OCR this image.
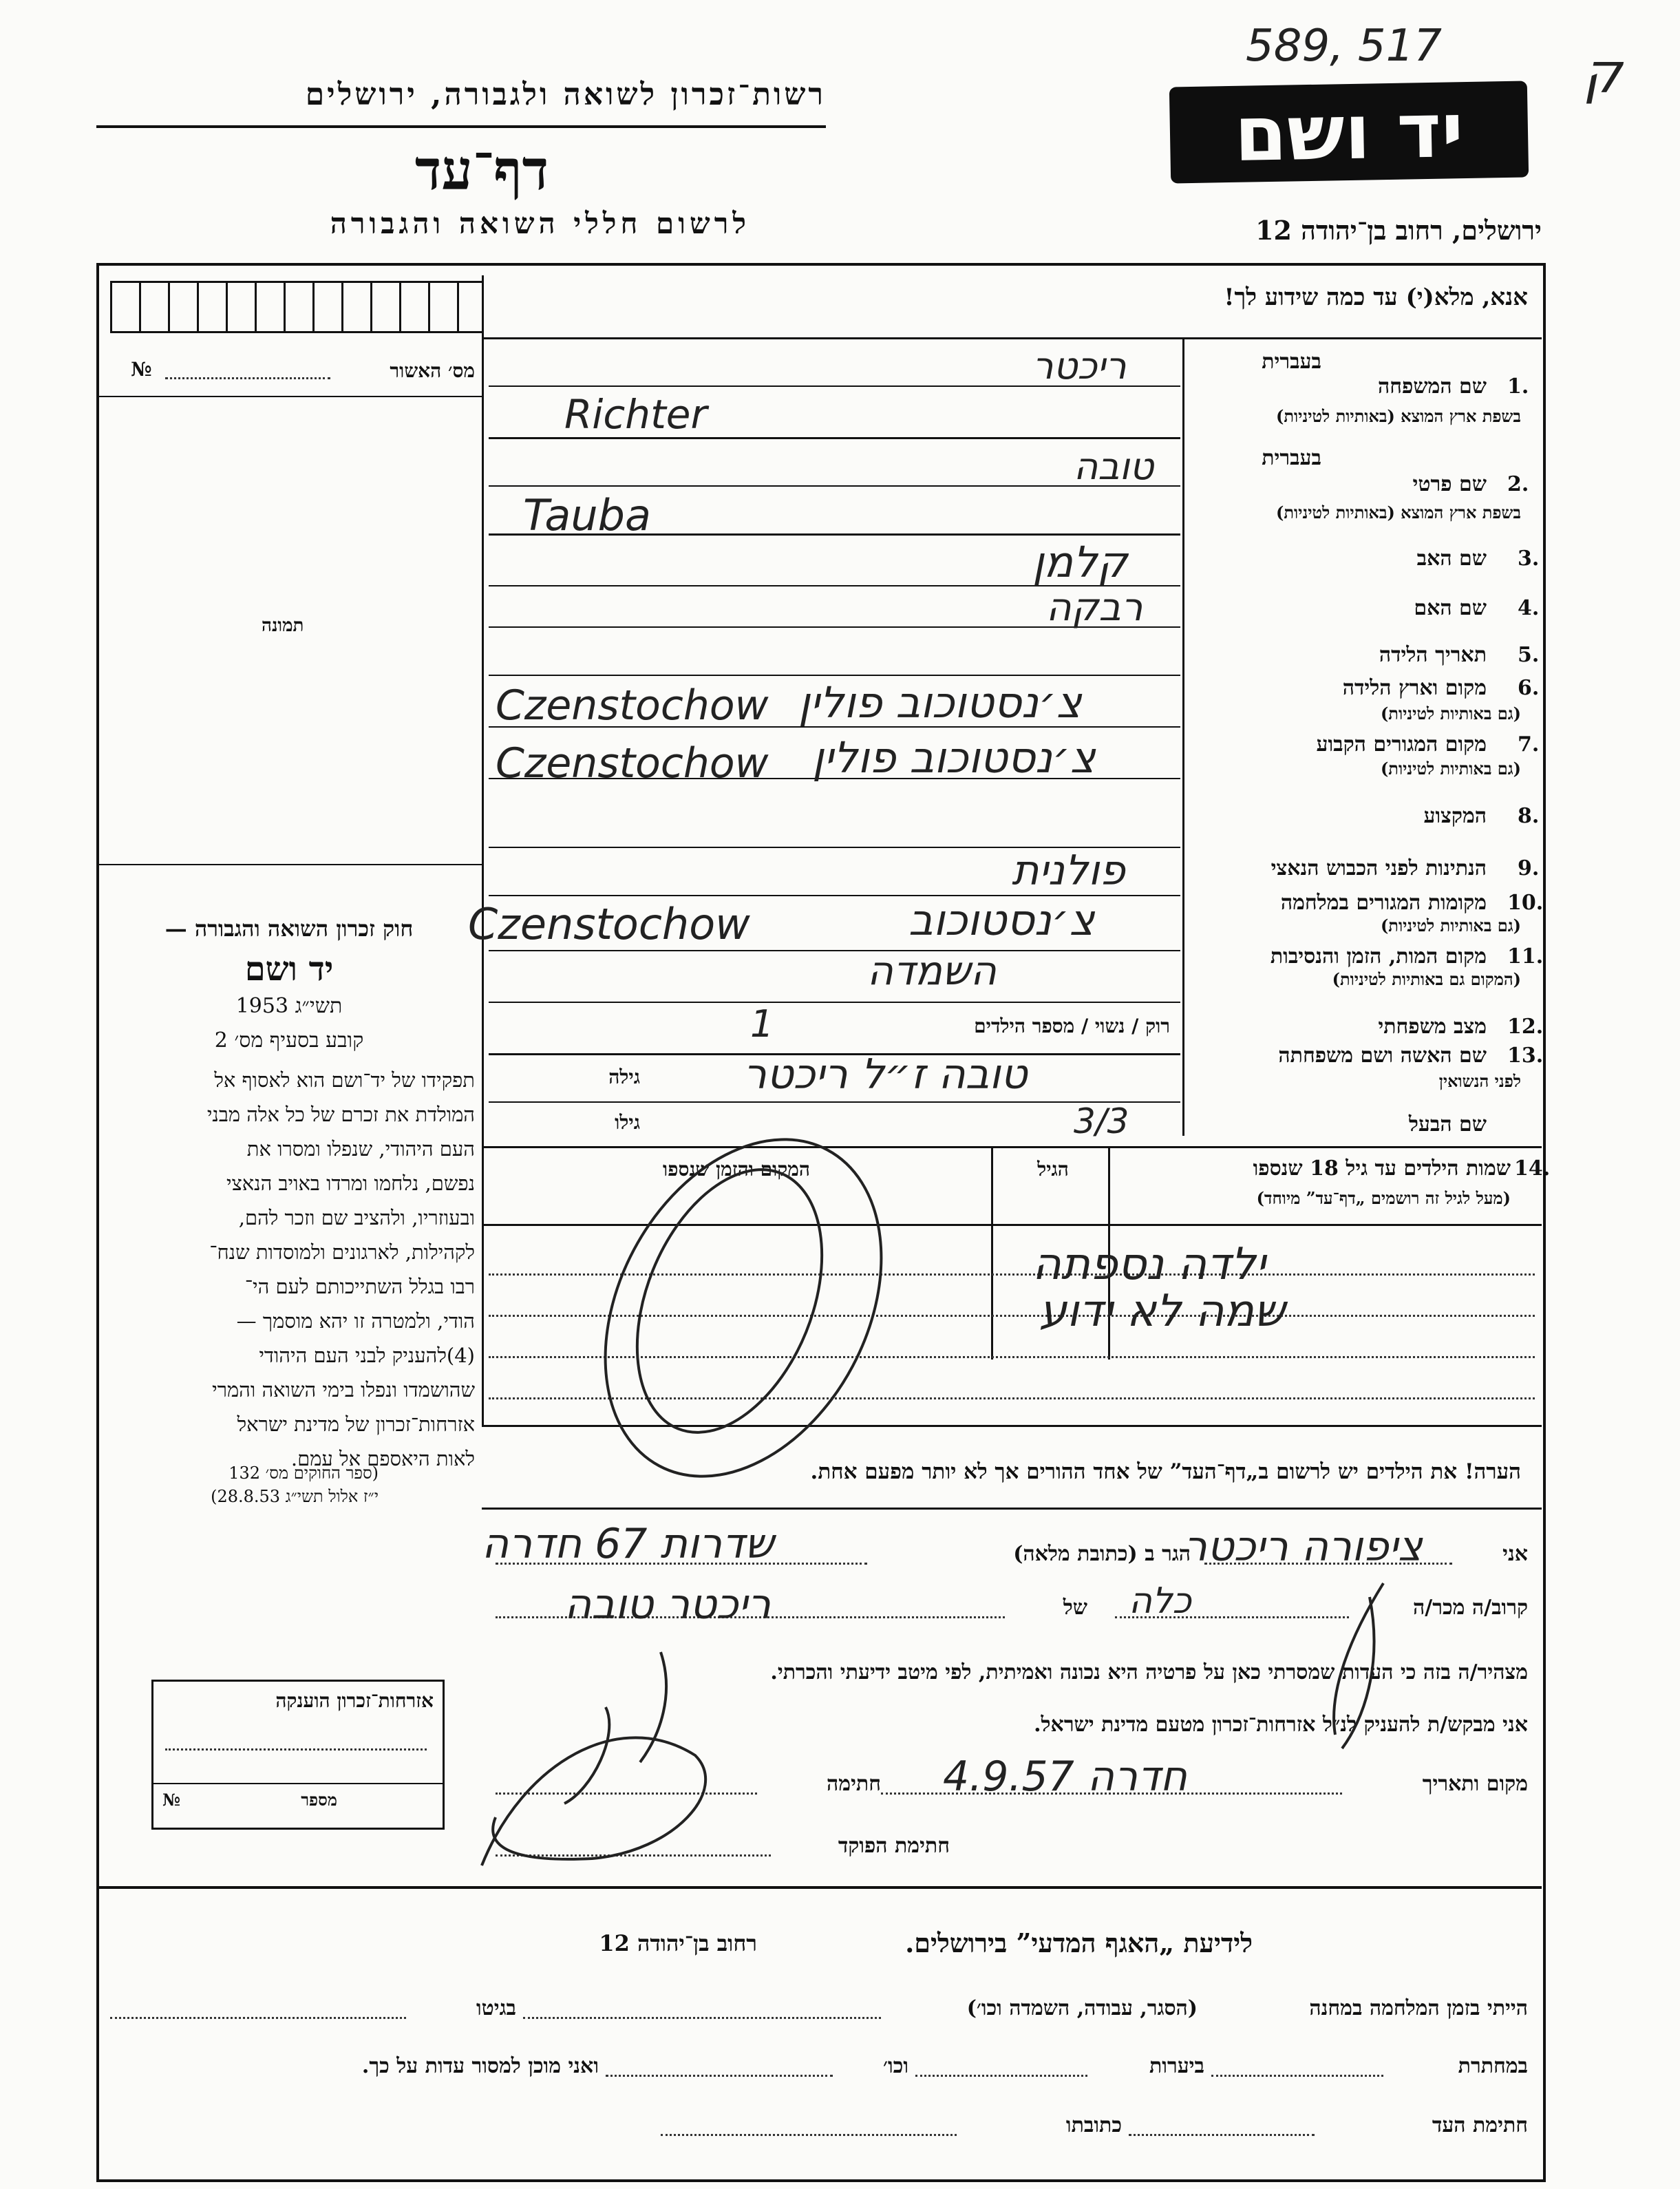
589, 517	ק
רשות־זכרון לשואה ולגבורה, ירושלים
דף־עד
לרשום חללי השואה והגבורה
יד ושם
ירושלים, רחוב בן־יהודה 12
אנא, מלא(י) עד כמה שידוע לך!
מס׳ האשור
№
תמונה
בעברית
שם המשפחה 1.
בשפת ארץ המוצא (באותיות לטיניות)
בעברית
שם פרטי 2.
בשפת ארץ המוצא (באותיות לטיניות)
שם האב 3.
שם האם 4.
תאריך הלידה 5.
מקום וארץ הלידה 6.
(גם באותיות לטיניות)
מקום המגורים הקבוע 7.
(גם באותיות לטיניות)
המקצוע 8.
הנתינות לפני הכבוש הנאצי 9.
מקומות המגורים במלחמה 10.
(גם באותיות לטיניות)
מקום המות, הזמן והנסיבות 11.
(המקום גם באותיות לטיניות)
מצב משפחתי 12.
שם האשה ושם משפחתה 13.
לפני הנשואין
שם הבעל
רוק / נשוי / מספר הילדים
גילה
גילו
14.
שמות הילדים עד גיל 18 שנספו
(מעל לגיל זה רושמים „דף־עד” מיוחד)
הגיל
המקום והזמן שנספו
הערה! את הילדים יש לרשום ב„דף־העד” של אחד ההורים אך לא יותר מפעם אחת.
אני
הגר ב (כתובת מלאה)
קרוב/ה מכר/ה
של
מצהיר/ה בזה כי העדות שמסרתי כאן על פרטיה היא נכונה ואמיתית, לפי מיטב ידיעתי והכרתי.
אני מבקש/ת להעניק לנ״ל אזרחות־זכרון מטעם מדינת ישראל.
מקום ותאריך
חתימה
חתימת הפוקד
אזרחות־זכרון הוענקה
מספר
№
חוק זכרון השואה והגבורה —
יד ושם
תשי״ג 1953
קובע בסעיף מס׳ 2
תפקידו של יד־ושם הוא לאסוף אל
המולדת את זכרם של כל אלה מבני
העם היהודי, שנפלו ומסרו את
נפשם, נלחמו ומרדו באויב הנאצי
ובעוזריו, ולהציב שם וזכר להם,
לקהילות, לארגונים ולמוסדות שנח־
רבו בגלל השתייכותם לעם הי־
הודי, ולמטרה זו יהא מוסמך —
(4)להעניק לבני העם היהודי
שהושמדו ונפלו בימי השואה והמרי
אזרחות־זכרון של מדינת ישראל
לאות היאספם אל עמם.
(ספר החוקים מס׳ 132
י״ז אלול תשי״ג 28.8.53)
ריכטר
Richter
טובה
Tauba
קלמן
רבקה
צ׳נסטוכוב פולין
Czenstochow
צ׳נסטוכוב פולין
Czenstochow
פולנית
צ׳נסטוכוב
Czenstochow
השמדה
1
טובה ז״ל ריכטר
3/3
ילדה נספתה
שמה לא ידוע
ציפורה ריכטר
שדרות 67 חדרה
כלה
ריכטר טובה
חדרה 4.9.57
לידיעת „האגף המדעי” בירושלים.
רחוב בן־יהודה 12
הייתי בזמן המלחמה במחנה
(הסגר, עבודה, השמדה וכו׳)
בגיטו
במחתרת
ביערות
וכו׳
ואני מוכן למסור עדות על כך.
חתימת העד
כתובתו
